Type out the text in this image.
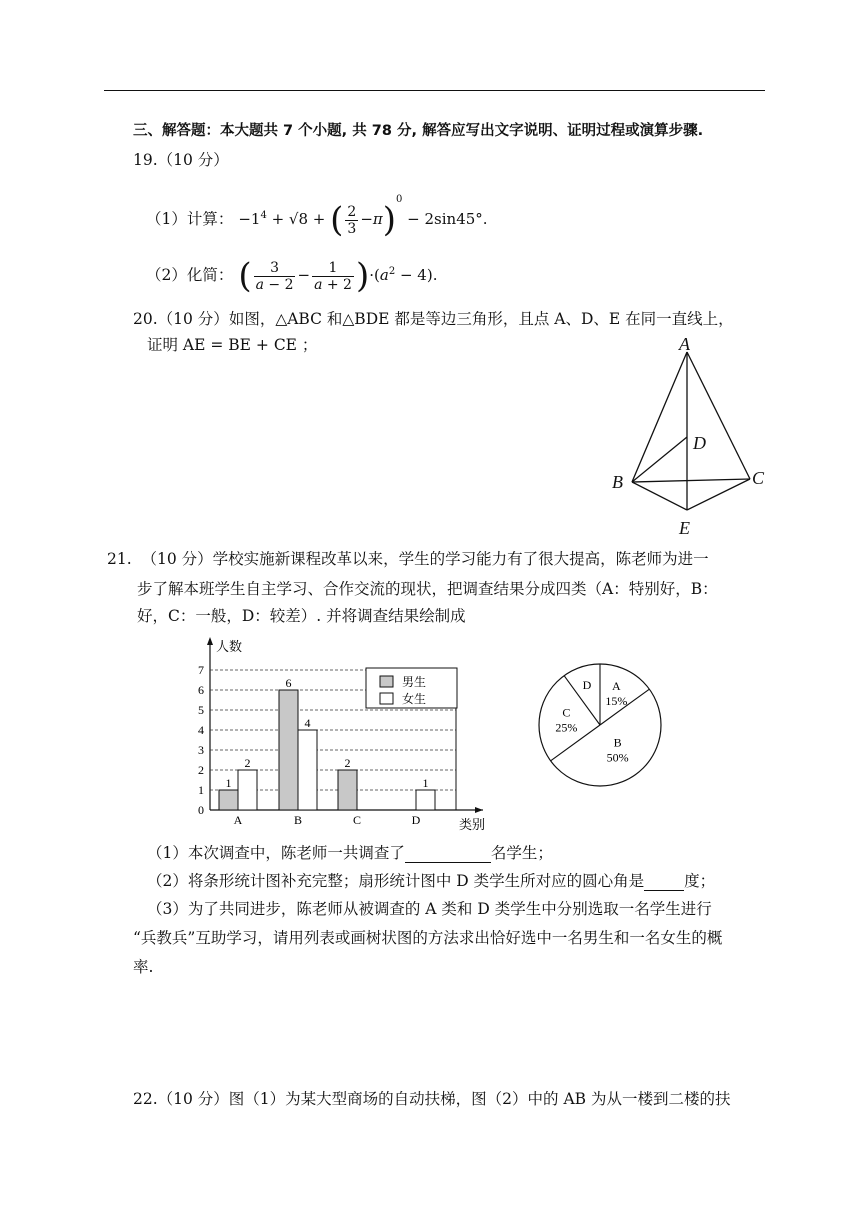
三、解答题：本大题共 7 个小题, 共 78 分, 解答应写出文字说明、证明过程或演算步骤.
19.（10 分）
（1）计算： $-1^4 + √8$ + ( $\frac{2}{3} -\pi)^0 - 2\sin 45^\circ$.
（2）化简： ( $\frac{3}{a - 2} - \frac{1}{a + 2} )\cdot(a^2 - 4)$.
20.（10 分）如图，△ABC 和△BDE 都是等边三角形，且点 A、D、E 在同一直线上，
证明 AE = BE + CE ；	A
B	C
D
E
21. （10 分）学校实施新课程改革以来，学生的学习能力有了很大提高，陈老师为进一
步了解本班学生自主学习、合作交流的现状，把调查结果分成四类（A：特别好，B：
好，C：一般，D：较差）. 并将调查结果绘制成
0
1
2
3
4
5
6
7
人数
类别
1
2
A
6
4
B
2
C
1
D
男生
女生
A
15%
B
50%
C
25%
D
（1）本次调查中，陈老师一共调查了	名学生；
（2）将条形统计图补充完整；扇形统计图中 D 类学生所对应的圆心角是	度；
（3）为了共同进步，陈老师从被调查的 A 类和 D 类学生中分别选取一名学生进行
“兵教兵”互助学习，请用列表或画树状图的方法求出恰好选中一名男生和一名女生的概
率.
22.（10 分）图（1）为某大型商场的自动扶梯，图（2）中的 AB 为从一楼到二楼的扶
